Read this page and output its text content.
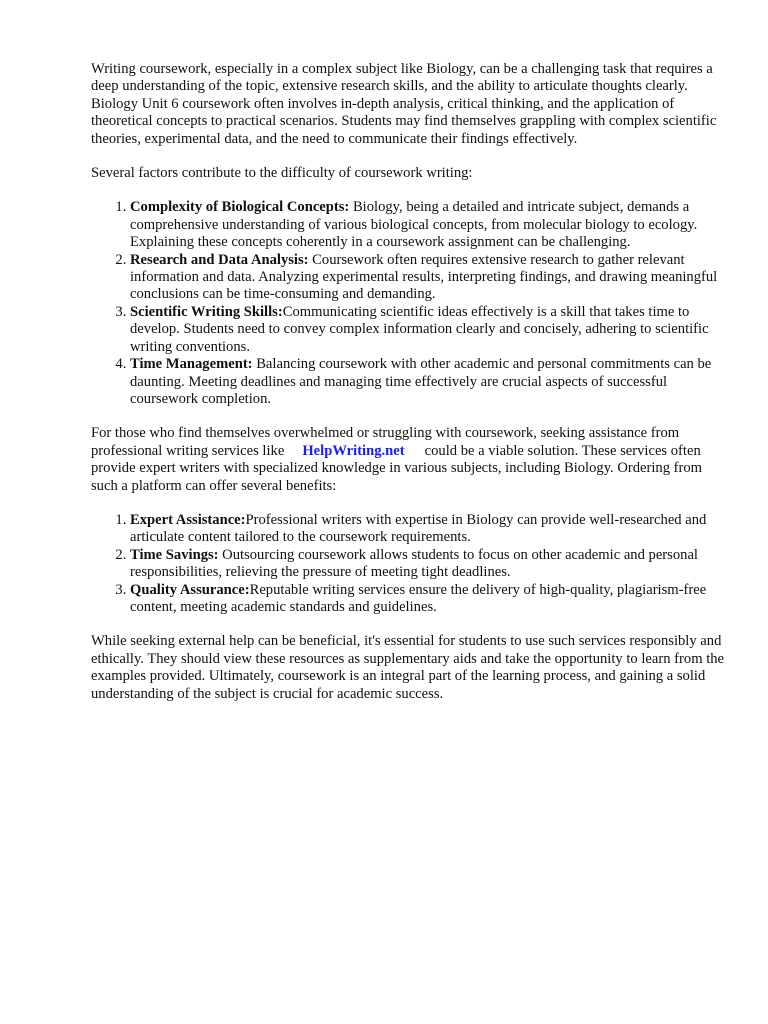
Writing coursework, especially in a complex subject like Biology, can be a challenging task that requires a deep understanding of the topic, extensive research skills, and the ability to articulate thoughts clearly. Biology Unit 6 coursework often involves in-depth analysis, critical thinking, and the application of theoretical concepts to practical scenarios. Students may find themselves grappling with complex scientific theories, experimental data, and the need to communicate their findings effectively.

Several factors contribute to the difficulty of coursework writing:

1. Complexity of Biological Concepts: Biology, being a detailed and intricate subject, demands a comprehensive understanding of various biological concepts, from molecular biology to ecology. Explaining these concepts coherently in a coursework assignment can be challenging.
2. Research and Data Analysis: Coursework often requires extensive research to gather relevant information and data. Analyzing experimental results, interpreting findings, and drawing meaningful conclusions can be time-consuming and demanding.
3. Scientific Writing Skills:Communicating scientific ideas effectively is a skill that takes time to develop. Students need to convey complex information clearly and concisely, adhering to scientific writing conventions.
4. Time Management: Balancing coursework with other academic and personal commitments can be daunting. Meeting deadlines and managing time effectively are crucial aspects of successful coursework completion.

For those who find themselves overwhelmed or struggling with coursework, seeking assistance from professional writing services like HelpWriting.net could be a viable solution. These services often provide expert writers with specialized knowledge in various subjects, including Biology. Ordering from such a platform can offer several benefits:

1. Expert Assistance:Professional writers with expertise in Biology can provide well-researched and articulate content tailored to the coursework requirements.
2. Time Savings: Outsourcing coursework allows students to focus on other academic and personal responsibilities, relieving the pressure of meeting tight deadlines.
3. Quality Assurance:Reputable writing services ensure the delivery of high-quality, plagiarism-free content, meeting academic standards and guidelines.

While seeking external help can be beneficial, it's essential for students to use such services responsibly and ethically. They should view these resources as supplementary aids and take the opportunity to learn from the examples provided. Ultimately, coursework is an integral part of the learning process, and gaining a solid understanding of the subject is crucial for academic success.
